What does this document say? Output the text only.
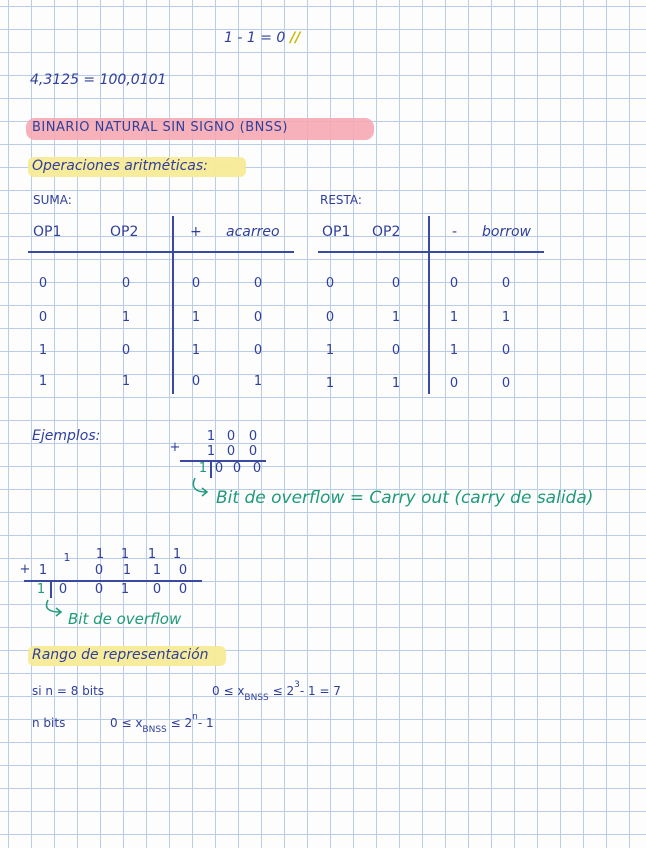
1 - 1 = 0 //
4,3125 = 100,0101
BINARIO NATURAL SIN SIGNO (BNSS)
Operaciones aritméticas:
SUMA:
OP1	OP2	+ acarreo
0	0	0	0
0	1	1	0
1	0	1	0
1	1	0	1
RESTA:
OP1 OP2	- borrow
0	0	0	0
0	1	1	1
1	0	1	0
1	1	0	0
Ejemplos:
+
1 0 0
1 0 0
1 0 0 0
Bit de overflow = Carry out (carry de salida)
1 1 1 1 1
+ 1	0 1 1 0
1 0 0 1 0 0
Bit de overflow
Rango de representación
si n = 8 bits	$0 \le x_{BNSS} \le 2^3-$ 1 = 7
n bits	$0 \le x_{BNSS} \le 2^n-$ 1
